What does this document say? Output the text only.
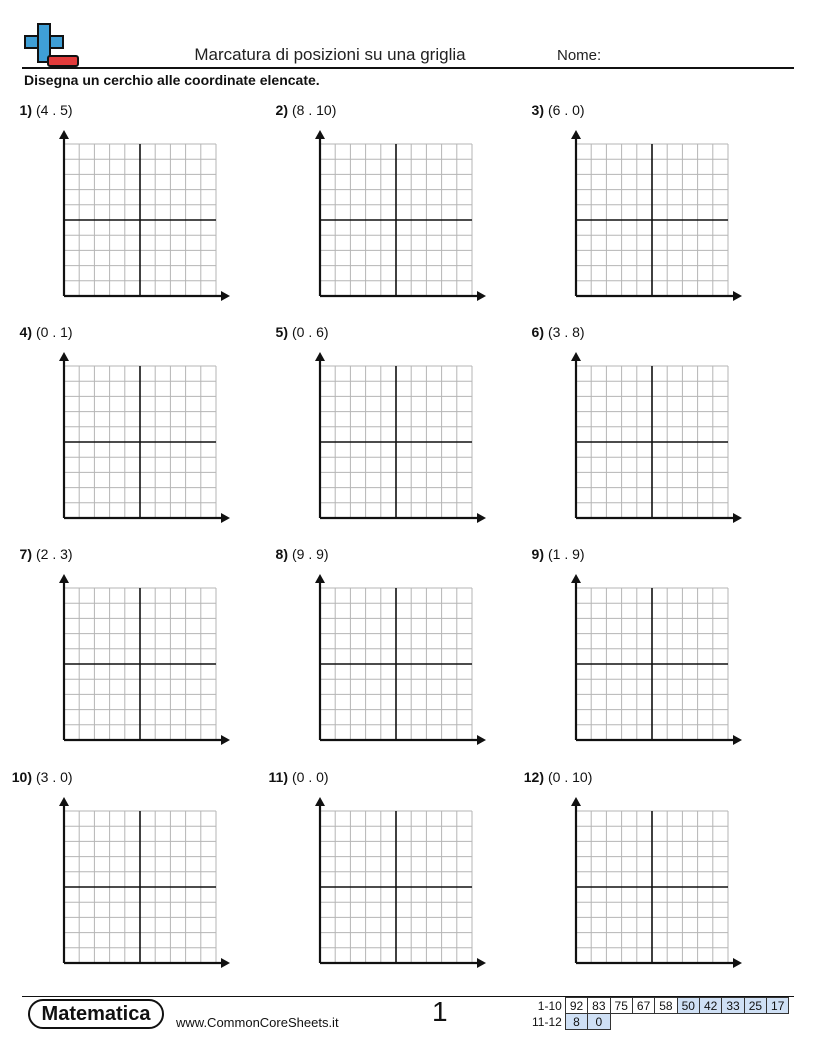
Marcatura di posizioni su una griglia	Nome:
Disegna un cerchio alle coordinate elencate.
1) (4 . 5)	2) (8 . 10)	3) (6 . 0)
4) (0 . 1)	5) (0 . 6)	6) (3 . 8)
7) (2 . 3)	8) (9 . 9)	9) (1 . 9)
10) (3 . 0)	11) (0 . 0)	12) (0 . 10)
Matematica	www.CommonCoreSheets.it	1	1-10	92	83	75	67	58	50	42	33	25	17
11-12	8	0								
